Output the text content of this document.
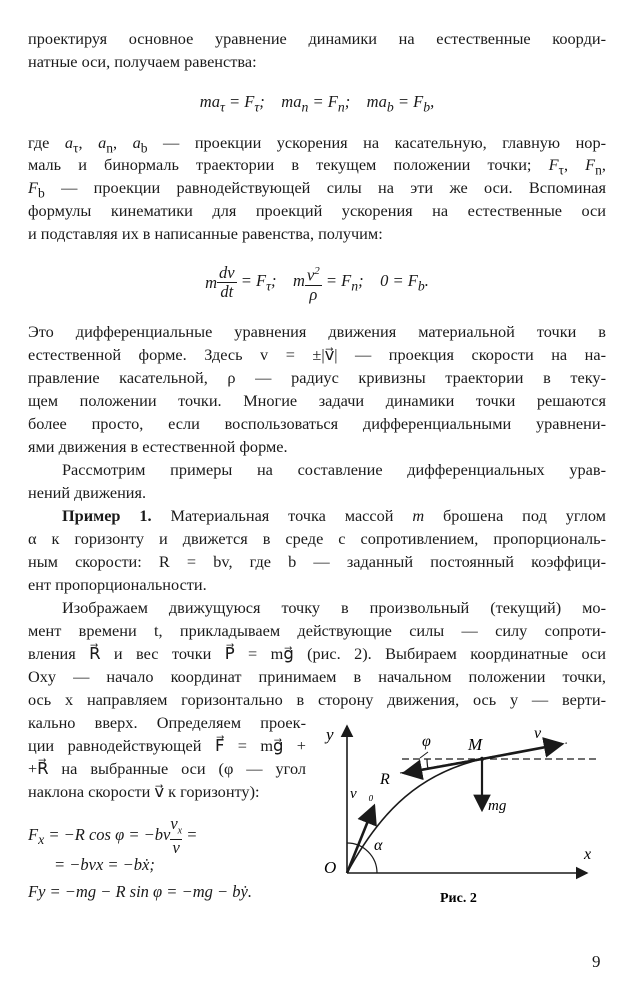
проектируя основное уравнение динамики на естественные коорди-
натные оси, получаем равенства:
$ma_\tau = F_\tau$;    $ma_n = F_n$;    $ma_b = F_b$,
где $a_\tau$, $a_n$, $a_b$ — проекции ускорения на касательную, главную нор-
маль и бинормаль траектории в текущем положении точки; $F_\tau$, $F_n$,
$F_b$ — проекции равнодействующей силы на эти же оси. Вспоминая
формулы кинематики для проекций ускорения на естественные оси
и подставляя их в написанные равенства, получим:
m $\frac{dv}{dt} = F_\tau$;    m $\frac{v^2}{\rho} = F_n$;    $0 = F_b$.
Это дифференциальные уравнения движения материальной точки в
естественной форме. Здесь v = ±|v⃗| — проекция скорости на на-
правление касательной, ρ — радиус кривизны траектории в теку-
щем положении точки. Многие задачи динамики точки решаются
более просто, если воспользоваться дифференциальными уравнени-
ями движения в естественной форме.
Рассмотрим примеры на составление дифференциальных урав-
нений движения.
Пример 1. Материальная точка массой m брошена под углом
α к горизонту и движется в среде с сопротивлением, пропорциональ-
ным скорости: R = bv, где b — заданный постоянный коэффици-
ент пропорциональности.
Изображаем движущуюся точку в произвольный (текущий) мо-
мент времени t, прикладываем действующие силы — силу сопроти-
вления R⃗ и вес точки P⃗ = mg⃗ (рис. 2). Выбираем координатные оси
Oxy — начало координат принимаем в начальном положении точки,
ось x направляем горизонтально в сторону движения, ось y — верти-
кально вверх. Определяем проек-
ции равнодействующей F⃗ = mg⃗ +
+R⃗ на выбранные оси (φ — угол
наклона скорости v⃗ к горизонту):
$F_x = -R$ $\cos \varphi = -bv \frac{v_x}{v}$ =
= −bvx = −bẋ;
Fy = −mg − R sin φ = −mg − bẏ.
y
x
O
M
φ	v⃗
v⃗₀
R⃗
mg⃗
α
Рис. 2
9
